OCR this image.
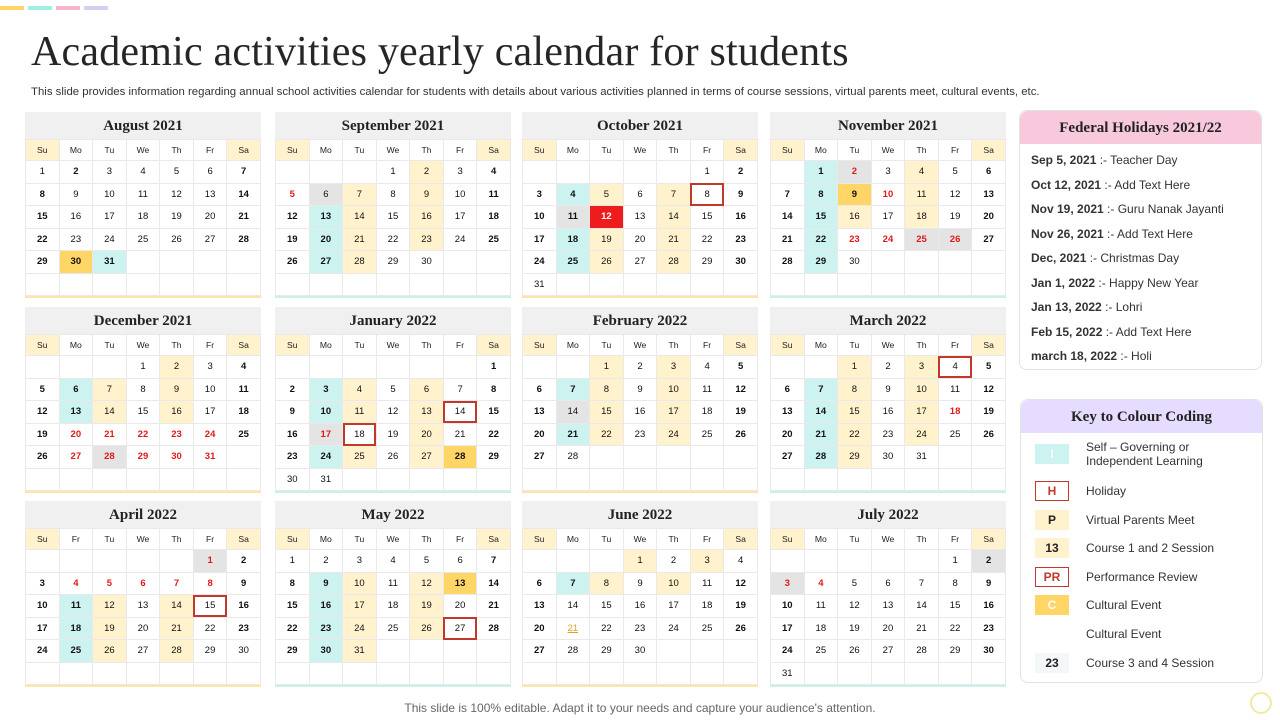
Academic activities yearly calendar for students

This slide provides information regarding annual school activities calendar for students with details about various activities planned in terms of course sessions, virtual parents meet, cultural events, etc.

August 2021
Su	Mo	Tu	We	Th	Fr	Sa
1	2	3	4	5	6	7
8	9	10	11	12	13	14
15	16	17	18	19	20	21
22	23	24	25	26	27	28
29	30	31				

September 2021
Su	Mo	Tu	We	Th	Fr	Sa
			1	2	3	4
5	6	7	8	9	10	11
12	13	14	15	16	17	18
19	20	21	22	23	24	25
26	27	28	29	30		

October 2021
Su	Mo	Tu	We	Th	Fr	Sa
					1	2
3	4	5	6	7	8	9
10	11	12	13	14	15	16
17	18	19	20	21	22	23
24	25	26	27	28	29	30
31						
November 2021
Su	Mo	Tu	We	Th	Fr	Sa
	1	2	3	4	5	6
7	8	9	10	11	12	13
14	15	16	17	18	19	20
21	22	23	24	25	26	27
28	29	30				

December 2021
Su	Mo	Tu	We	Th	Fr	Sa
			1	2	3	4
5	6	7	8	9	10	11
12	13	14	15	16	17	18
19	20	21	22	23	24	25
26	27	28	29	30	31	

January 2022
Su	Mo	Tu	We	Th	Fr	Sa
						1
2	3	4	5	6	7	8
9	10	11	12	13	14	15
16	17	18	19	20	21	22
23	24	25	26	27	28	29
30	31					
February 2022
Su	Mo	Tu	We	Th	Fr	Sa
		1	2	3	4	5
6	7	8	9	10	11	12
13	14	15	16	17	18	19
20	21	22	23	24	25	26
27	28					

March 2022
Su	Mo	Tu	We	Th	Fr	Sa
		1	2	3	4	5
6	7	8	9	10	11	12
13	14	15	16	17	18	19
20	21	22	23	24	25	26
27	28	29	30	31		

April 2022
Su	Fr	Tu	We	Th	Fr	Sa
					1	2
3	4	5	6	7	8	9
10	11	12	13	14	15	16
17	18	19	20	21	22	23
24	25	26	27	28	29	30

May 2022
Su	Mo	Tu	We	Th	Fr	Sa
1	2	3	4	5	6	7
8	9	10	11	12	13	14
15	16	17	18	19	20	21
22	23	24	25	26	27	28
29	30	31				

June 2022
Su	Mo	Tu	We	Th	Fr	Sa
			1	2	3	4
6	7	8	9	10	11	12
13	14	15	16	17	18	19
20	21	22	23	24	25	26
27	28	29	30			

July 2022
Su	Mo	Tu	We	Th	Fr	Sa
					1	2
3	4	5	6	7	8	9
10	11	12	13	14	15	16
17	18	19	20	21	22	23
24	25	26	27	28	29	30
31						
Federal Holidays 2021/22

Sep 5, 2021 :- Teacher Day

Oct 12, 2021 :- Add Text Here

Nov 19, 2021 :- Guru Nanak Jayanti

Nov 26, 2021 :- Add Text Here

Dec, 2021 :- Christmas Day

Jan 1, 2022 :- Happy New Year

Jan 13, 2022 :- Lohri

Feb 15, 2022 :- Add Text Here

march 18, 2022 :- Holi

Key to Colour Coding
I	Self – Governing or
Independent Learning
H	Holiday
P	Virtual Parents Meet
13	Course 1 and 2 Session
PR	Performance Review
C	Cultural Event
Cultural Event
23	Course 3 and 4 Session
This slide is 100% editable. Adapt it to your needs and capture your audience's attention.
